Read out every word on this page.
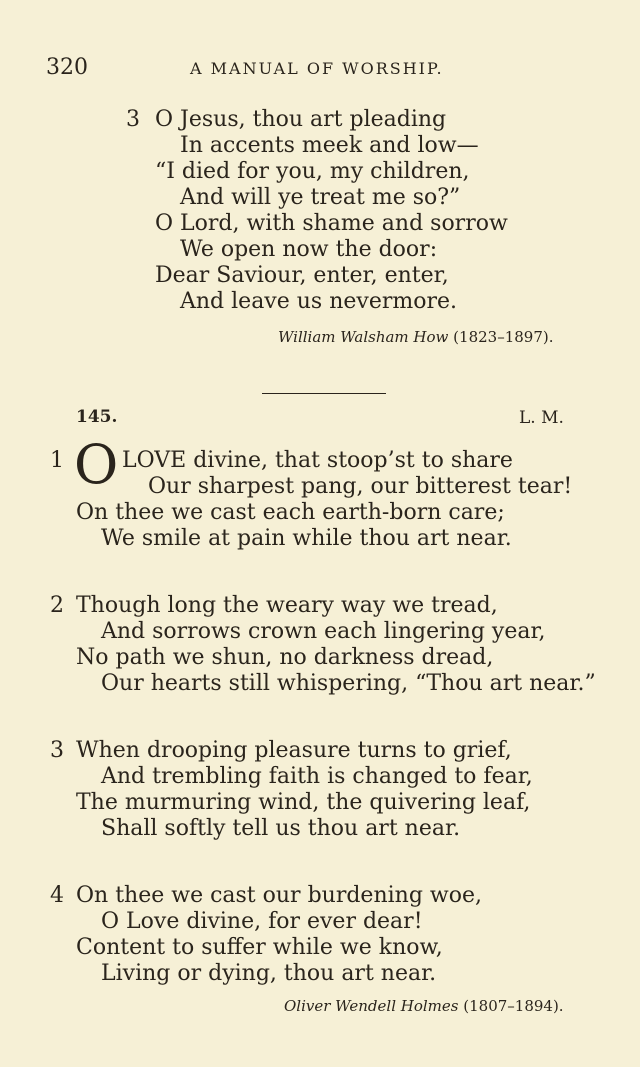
320	A MANUAL OF WORSHIP.
3 O Jesus, thou art pleading
In accents meek and low—
“I died for you, my children,
And will ye treat me so?”
O Lord, with shame and sorrow
We open now the door:
Dear Saviour, enter, enter,
And leave us nevermore.
William Walsham How (1823–1897).
145.	L. M.
1 O LOVE divine, that stoop’st to share
Our sharpest pang, our bitterest tear!
On thee we cast each earth-born care;
We smile at pain while thou art near.
2 Though long the weary way we tread,
And sorrows crown each lingering year,
No path we shun, no darkness dread,
Our hearts still whispering, “Thou art near.”
3 When drooping pleasure turns to grief,
And trembling faith is changed to fear,
The murmuring wind, the quivering leaf,
Shall softly tell us thou art near.
4 On thee we cast our burdening woe,
O Love divine, for ever dear!
Content to suffer while we know,
Living or dying, thou art near.
Oliver Wendell Holmes (1807–1894).
